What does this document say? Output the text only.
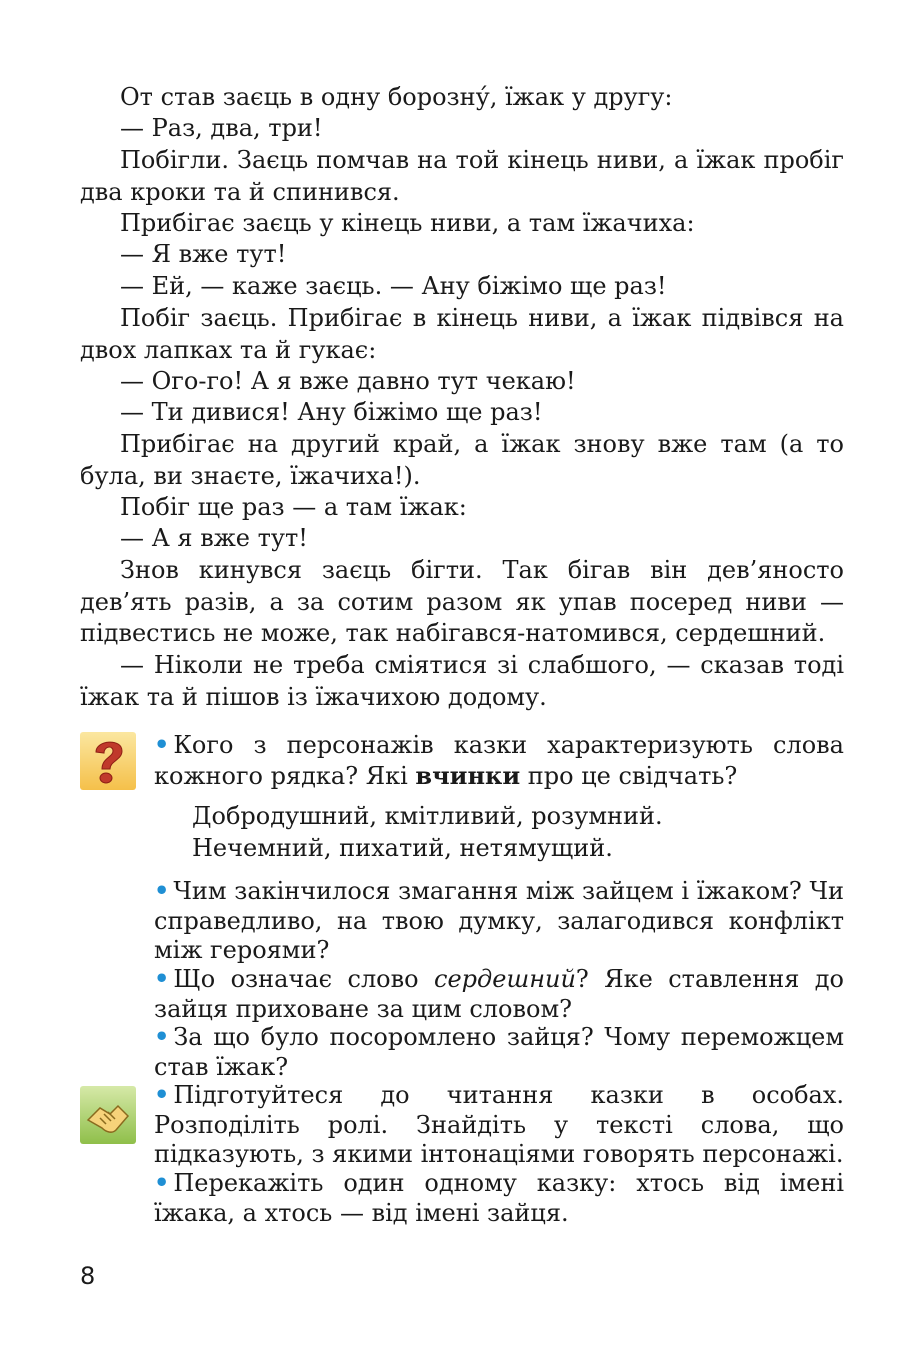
От став заєць в одну борозну́, їжак у другу:

— Раз, два, три!

Побігли. Заєць помчав на той кінець ниви, а їжак пробіг два кроки та й спинився.

Прибігає заєць у кінець ниви, а там їжачиха:

— Я вже тут!

— Ей, — каже заєць. — Ану біжімо ще раз!

Побіг заєць. Прибігає в кінець ниви, а їжак підвівся на двох лапках та й гукає:

— Ого-го! А я вже давно тут чекаю!

— Ти дивися! Ану біжімо ще раз!

Прибігає на другий край, а їжак знову вже там (а то була, ви знаєте, їжачиха!).

Побіг ще раз — а там їжак:

— А я вже тут!

Знов кинувся заєць бігти. Так бігав він дев’яносто дев’ять разів, а за сотим разом як упав посеред ниви — підвестись не може, так набігався-натомився, сердешний.

— Ніколи не треба сміятися зі слабшого, — сказав тоді їжак та й пішов із їжачихою додому.

• Кого з персонажів казки характеризують слова кожного рядка? Які вчинки про це свідчать?

Добродушний, кмітливий, розумний.
Нечемний, пихатий, нетямущий.

• Чим закінчилося змагання між зайцем і їжаком? Чи справедливо, на твою думку, залагодився конфлікт між героями?

• Що означає слово сердешний? Яке ставлення до зайця приховане за цим словом?

• За що було посоромлено зайця? Чому переможцем став їжак?

• Підготуйтеся до читання казки в особах. Розподіліть ролі. Знайдіть у тексті слова, що підказують, з якими інтонаціями говорять персонажі.

• Перекажіть один одному казку: хтось від імені їжака, а хтось — від імені зайця.

8
